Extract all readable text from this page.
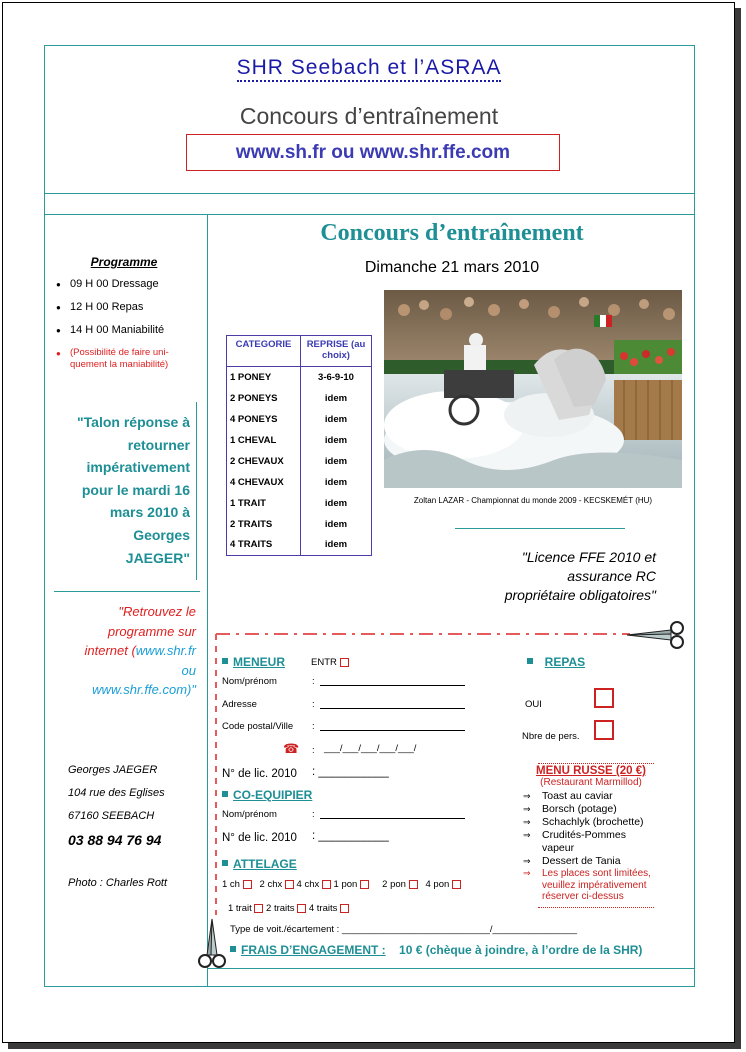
SHR Seebach et l’ASRAA
Concours d’entraînement
www.sh.fr ou www.shr.ffe.com
Programme
● 09 H 00 Dressage
● 12 H 00 Repas
● 14 H 00 Maniabilité
● (Possibilité de faire uni- quement la maniabilité)
"Talon réponse à
retourner
impérativement
pour le mardi 16
mars 2010 à
Georges
JAEGER"
"Retrouvez le
programme sur
internet (www.shr.fr
ou
www.shr.ffe.com)"
Georges JAEGER
104 rue des Eglises
67160 SEEBACH
03 88 94 76 94
Photo : Charles Rott
Concours d’entraînement
Dimanche 21 mars 2010
CATEGORIE	REPRISE (au choix)
1 PONEY	3-6-9-10
2 PONEYS	idem
4 PONEYS	idem
1 CHEVAL	idem
2 CHEVAUX	idem
4 CHEVAUX	idem
1 TRAIT	idem
2 TRAITS	idem
4 TRAITS	idem
Zoltan LAZAR - Championnat du monde 2009 - KECSKEMÉT (HU)
"Licence FFE 2010 et
assurance RC
propriétaire obligatoires"
MENEUR	ENTR
Nom/prénom	:
Adresse	:
Code postal/Ville :
☎ : ___/___/___/___/___/
N° de lic. 2010 : ___________
CO-EQUIPIER
Nom/prénom	:
N° de lic. 2010 : ___________
ATTELAGE
1 ch 2 chx 4 chx 1 pon	2 pon 4 pon
1 trait 2 traits 4 traits
Type de voit./écartement : ____________________________/________________
FRAIS D’ENGAGEMENT : 10 € (chèque à joindre, à l’ordre de la SHR)
REPAS
OUI
Nbre de pers.
MENU RUSSE (20 €)
(Restaurant Marmillod)
⇒ Toast au caviar
⇒ Borsch (potage)
⇒ Schachlyk (brochette)
⇒ Crudités-Pommes vapeur
⇒ Dessert de Tania
⇒ Les places sont limitées, veuillez impérativement réserver ci-dessus
